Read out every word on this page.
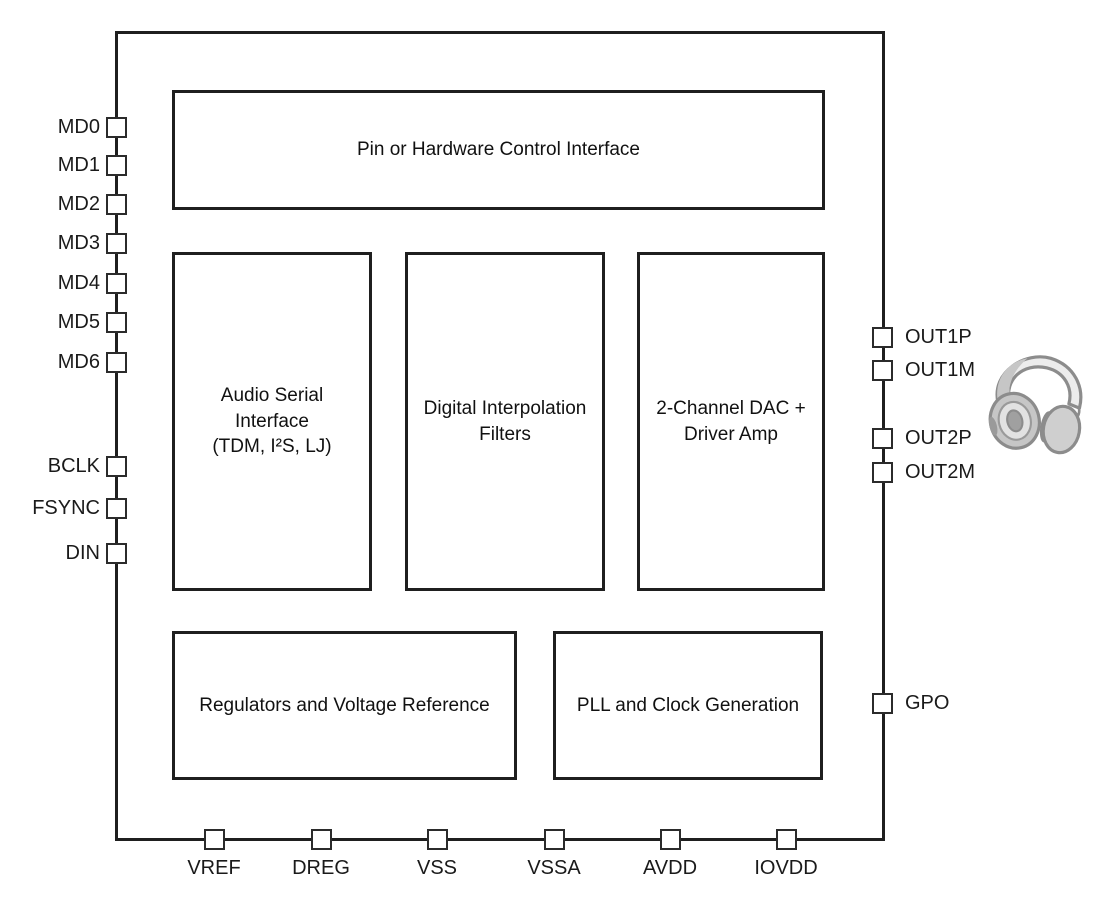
Pin or Hardware Control Interface
Audio Serial
Interface
(TDM, I²S, LJ)
Digital Interpolation
Filters
2-Channel DAC +
Driver Amp
Regulators and Voltage Reference	PLL and Clock Generation
MD0
MD1
MD2
MD3
MD4
MD5
MD6
BCLK
FSYNC
DIN
OUT1P
OUT1M
OUT2P
OUT2M
GPO
VREF	DREG	VSS	VSSA	AVDD	IOVDD
